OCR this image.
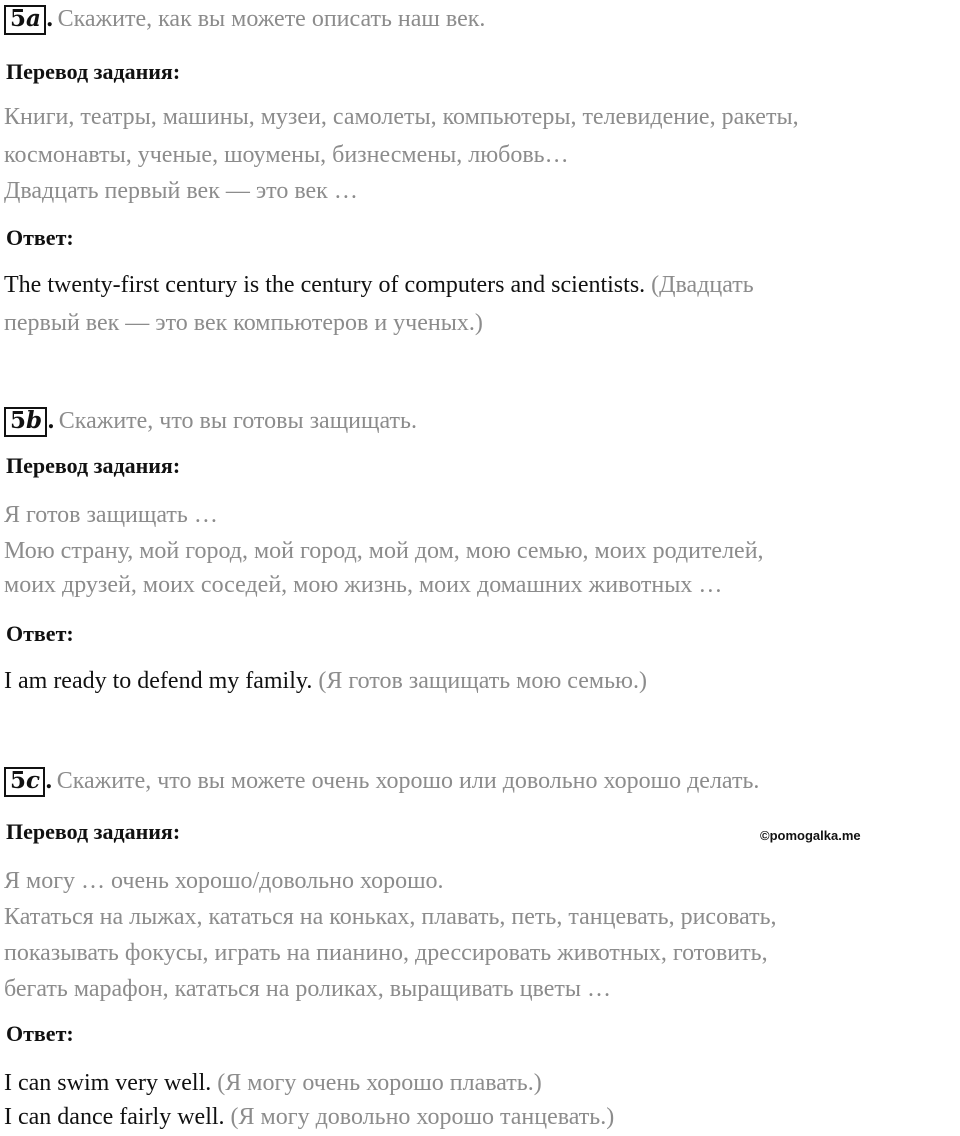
5a . Скажите, как вы можете описать наш век.
Перевод задания:
Книги, театры, машины, музеи, самолеты, компьютеры, телевидение, ракеты,
космонавты, ученые, шоумены, бизнесмены, любовь…
Двадцать первый век — это век …
Ответ:
The twenty-first century is the century of computers and scientists. (Двадцать
первый век — это век компьютеров и ученых.)
5b . Скажите, что вы готовы защищать.
Перевод задания:
Я готов защищать …
Мою страну, мой город, мой город, мой дом, мою семью, моих родителей,
моих друзей, моих соседей, мою жизнь, моих домашних животных …
Ответ:
I am ready to defend my family. (Я готов защищать мою семью.)
5c . Скажите, что вы можете очень хорошо или довольно хорошо делать.
Перевод задания:
Я могу … очень хорошо/довольно хорошо.
Кататься на лыжах, кататься на коньках, плавать, петь, танцевать, рисовать,
показывать фокусы, играть на пианино, дрессировать животных, готовить,
бегать марафон, кататься на роликах, выращивать цветы …
Ответ:
I can swim very well. (Я могу очень хорошо плавать.)
I can dance fairly well. (Я могу довольно хорошо танцевать.)
©pomogalka.me
